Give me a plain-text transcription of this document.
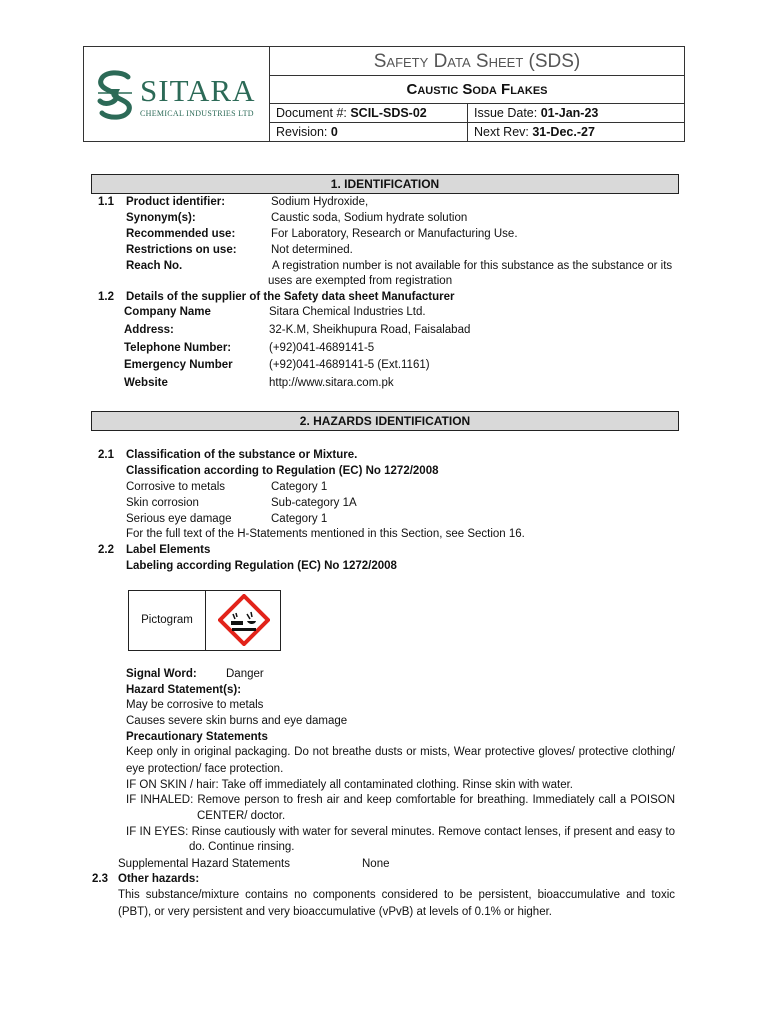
SITARA
CHEMICAL INDUSTRIES LTD
Safety Data Sheet (SDS)
Caustic Soda Flakes
Document #: SCIL-SDS-02	Issue Date: 01-Jan-23
Revision: 0	Next Rev: 31-Dec.-27
1. IDENTIFICATION
1.1 Product identifier:	Sodium Hydroxide,
Synonym(s):	Caustic soda, Sodium hydrate solution
Recommended use:	For Laboratory, Research or Manufacturing Use.
Restrictions on use:	Not determined.
Reach No.	A registration number is not available for this substance as the substance or its
uses are exempted from registration
1.2 Details of the supplier of the Safety data sheet Manufacturer
Company Name	Sitara Chemical Industries Ltd.
Address:	32-K.M, Sheikhupura Road, Faisalabad
Telephone Number:	(+92)041-4689141-5
Emergency Number	(+92)041-4689141-5 (Ext.1161)
Website	http://www.sitara.com.pk
2. HAZARDS IDENTIFICATION
2.1 Classification of the substance or Mixture.
Classification according to Regulation (EC) No 1272/2008
Corrosive to metals	Category 1
Skin corrosion	Sub-category 1A
Serious eye damage	Category 1
For the full text of the H-Statements mentioned in this Section, see Section 16.
2.2 Label Elements
Labeling according Regulation (EC) No 1272/2008
Pictogram
Signal Word:	Danger
Hazard Statement(s):
May be corrosive to metals
Causes severe skin burns and eye damage
Precautionary Statements
Keep only in original packaging. Do not breathe dusts or mists, Wear protective gloves/ protective clothing/
eye protection/ face protection.
IF ON SKIN / hair: Take off immediately all contaminated clothing. Rinse skin with water.
IF INHALED: Remove person to fresh air and keep comfortable for breathing. Immediately call a POISON
CENTER/ doctor.
IF IN EYES: Rinse cautiously with water for several minutes. Remove contact lenses, if present and easy to
do. Continue rinsing.
Supplemental Hazard Statements	None
2.3 Other hazards:
This substance/mixture contains no components considered to be persistent, bioaccumulative and toxic
(PBT), or very persistent and very bioaccumulative (vPvB) at levels of 0.1% or higher.
